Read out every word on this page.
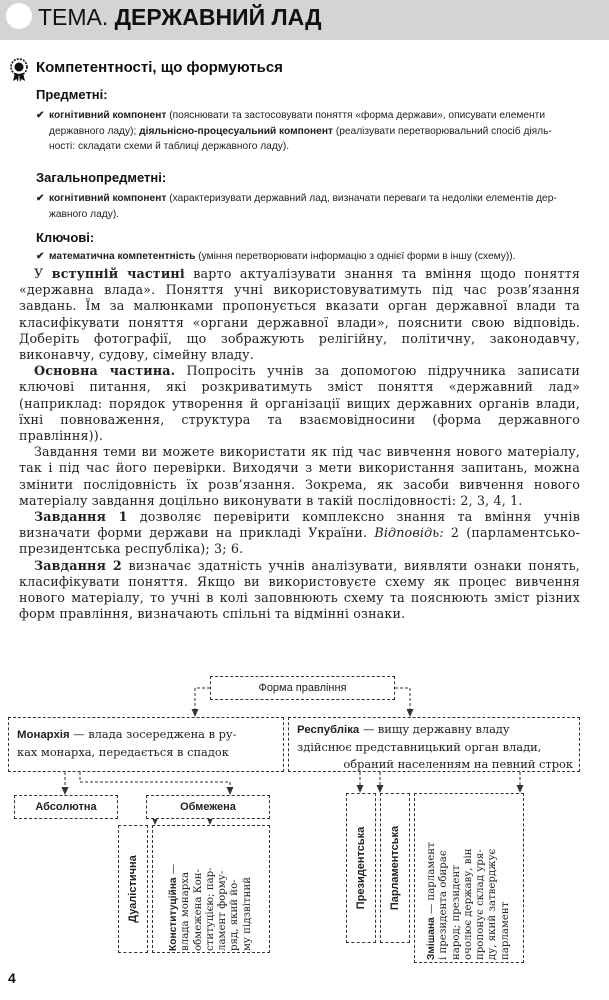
ТЕМА. ДЕРЖАВНИЙ ЛАД
Компетентності, що формуються
Предметні:
✔ когнітивний компонент (пояснювати та застосовувати поняття «форма держави», описувати елементи
державного ладу); діяльнісно-процесуальний компонент (реалізувати перетворювальний спосіб діяль-
ності: складати схеми й таблиці державного ладу).
Загальнопредметні:
✔ когнітивний компонент (характеризувати державний лад, визначати переваги та недоліки елементів дер-
жавного ладу).
Ключові:
✔ математична компетентність (уміння перетворювати інформацію з однієї форми в іншу (схему)).

У вступній частині варто актуалізувати знання та вміння щодо поняття «державна влада». Поняття учні використовуватимуть під час розв’язання завдань. Їм за малюнками пропонується вказати орган державної влади та класифікувати поняття «органи державної влади», пояснити свою відповідь. Доберіть фотографії, що зображують релігійну, політичну, законодавчу, виконавчу, судову, сімейну владу.

Основна частина. Попросіть учнів за допомогою підручника записати ключові питання, які розкриватимуть зміст поняття «державний лад» (наприклад: порядок утворення й організації вищих державних органів влади, їхні повноваження, структура та взаємовідносини (форма державного правління)).

Завдання теми ви можете використати як під час вивчення нового матеріалу, так і під час його перевірки. Виходячи з мети використання запитань, можна змінити послідовність їх розв’язання. Зокрема, як засоби вивчення нового матеріалу завдання доцільно виконувати в такій послідовності: 2, 3, 4, 1.

Завдання 1 дозволяє перевірити комплексно знання та вміння учнів визначати форми держави на прикладі України. Відповідь: 2 (парламентсько-президентська республіка); 3; 6.

Завдання 2 визначає здатність учнів аналізувати, виявляти ознаки понять, класифікувати поняття. Якщо ви використовуєте схему як процес вивчення нового матеріалу, то учні в колі заповнюють схему та пояснюють зміст різних форм правління, визначають спільні та відмінні ознаки.

Форма правління
Монархія — влада зосереджена в ру-
ках монарха, передається в спадок
Республіка — вищу державну владу
здійснює представницький орган влади,
обраний населенням на певний строк
Абсолютна	Обмежена
Дуалістична	Конституційна —
влада монарха обмежена Кон- ституцією; пар- ламент форму- ряд, який йо- му підзвітний
Президентська Парламентська
Змішана — парламент і президента обирає народ; президент очолює державу, він пропонує склад уря- ду, який затверджує парламент
4
